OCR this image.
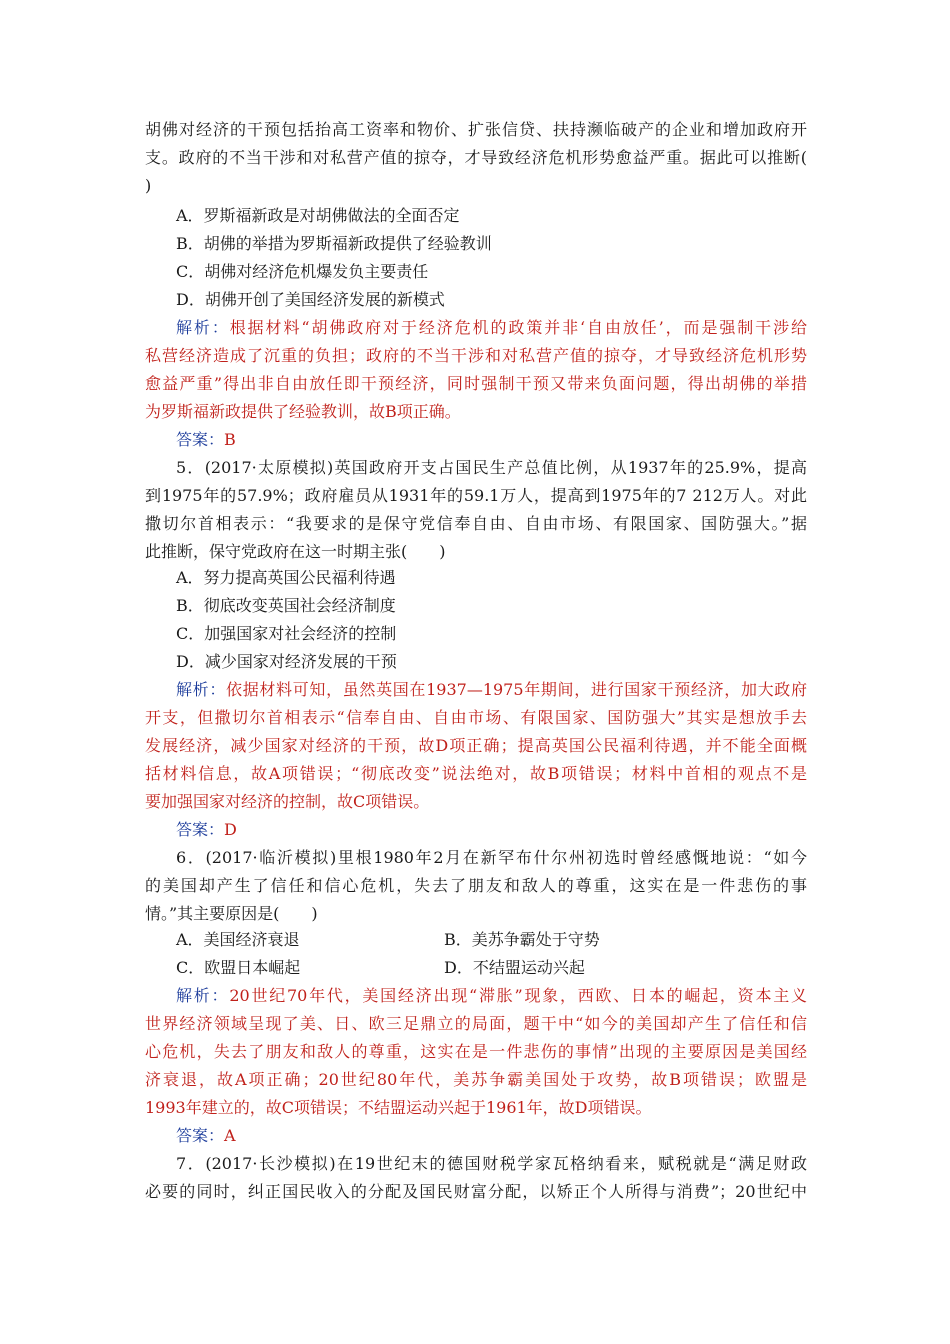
胡佛对经济的干预包括抬高工资率和物价、扩张信贷、扶持濒临破产的企业和增加政府开
支。政府的不当干涉和对私营产值的掠夺，才导致经济危机形势愈益严重。据此可以推断(
)
A．罗斯福新政是对胡佛做法的全面否定
B．胡佛的举措为罗斯福新政提供了经验教训
C．胡佛对经济危机爆发负主要责任
D．胡佛开创了美国经济发展的新模式
解析：根据材料“胡佛政府对于经济危机的政策并非‘自由放任’，而是强制干涉给
私营经济造成了沉重的负担；政府的不当干涉和对私营产值的掠夺，才导致经济危机形势
愈益严重”得出非自由放任即干预经济，同时强制干预又带来负面问题，得出胡佛的举措
为罗斯福新政提供了经验教训，故B项正确。
答案：B
5．(2017·太原模拟)英国政府开支占国民生产总值比例，从1937年的25.9%，提高
到1975年的57.9%；政府雇员从1931年的59.1万人，提高到1975年的7 212万人。对此
撒切尔首相表示：“我要求的是保守党信奉自由、自由市场、有限国家、国防强大。”据
此推断，保守党政府在这一时期主张(　　)
A．努力提高英国公民福利待遇
B．彻底改变英国社会经济制度
C．加强国家对社会经济的控制
D．减少国家对经济发展的干预
解析：依据材料可知，虽然英国在1937—1975年期间，进行国家干预经济，加大政府
开支，但撒切尔首相表示“信奉自由、自由市场、有限国家、国防强大”其实是想放手去
发展经济，减少国家对经济的干预，故D项正确；提高英国公民福利待遇，并不能全面概
括材料信息，故A项错误；“彻底改变”说法绝对，故B项错误；材料中首相的观点不是
要加强国家对经济的控制，故C项错误。
答案：D
6．(2017·临沂模拟)里根1980年2月在新罕布什尔州初选时曾经感慨地说：“如今
的美国却产生了信任和信心危机，失去了朋友和敌人的尊重，这实在是一件悲伤的事
情。”其主要原因是(　　)
A．美国经济衰退	B．美苏争霸处于守势
C．欧盟日本崛起	D．不结盟运动兴起
解析：20世纪70年代，美国经济出现“滞胀”现象，西欧、日本的崛起，资本主义
世界经济领域呈现了美、日、欧三足鼎立的局面，题干中“如今的美国却产生了信任和信
心危机，失去了朋友和敌人的尊重，这实在是一件悲伤的事情”出现的主要原因是美国经
济衰退，故A项正确；20世纪80年代，美苏争霸美国处于攻势，故B项错误；欧盟是
1993年建立的，故C项错误；不结盟运动兴起于1961年，故D项错误。
答案：A
7．(2017·长沙模拟)在19世纪末的德国财税学家瓦格纳看来，赋税就是“满足财政
必要的同时，纠正国民收入的分配及国民财富分配，以矫正个人所得与消费”；20世纪中
